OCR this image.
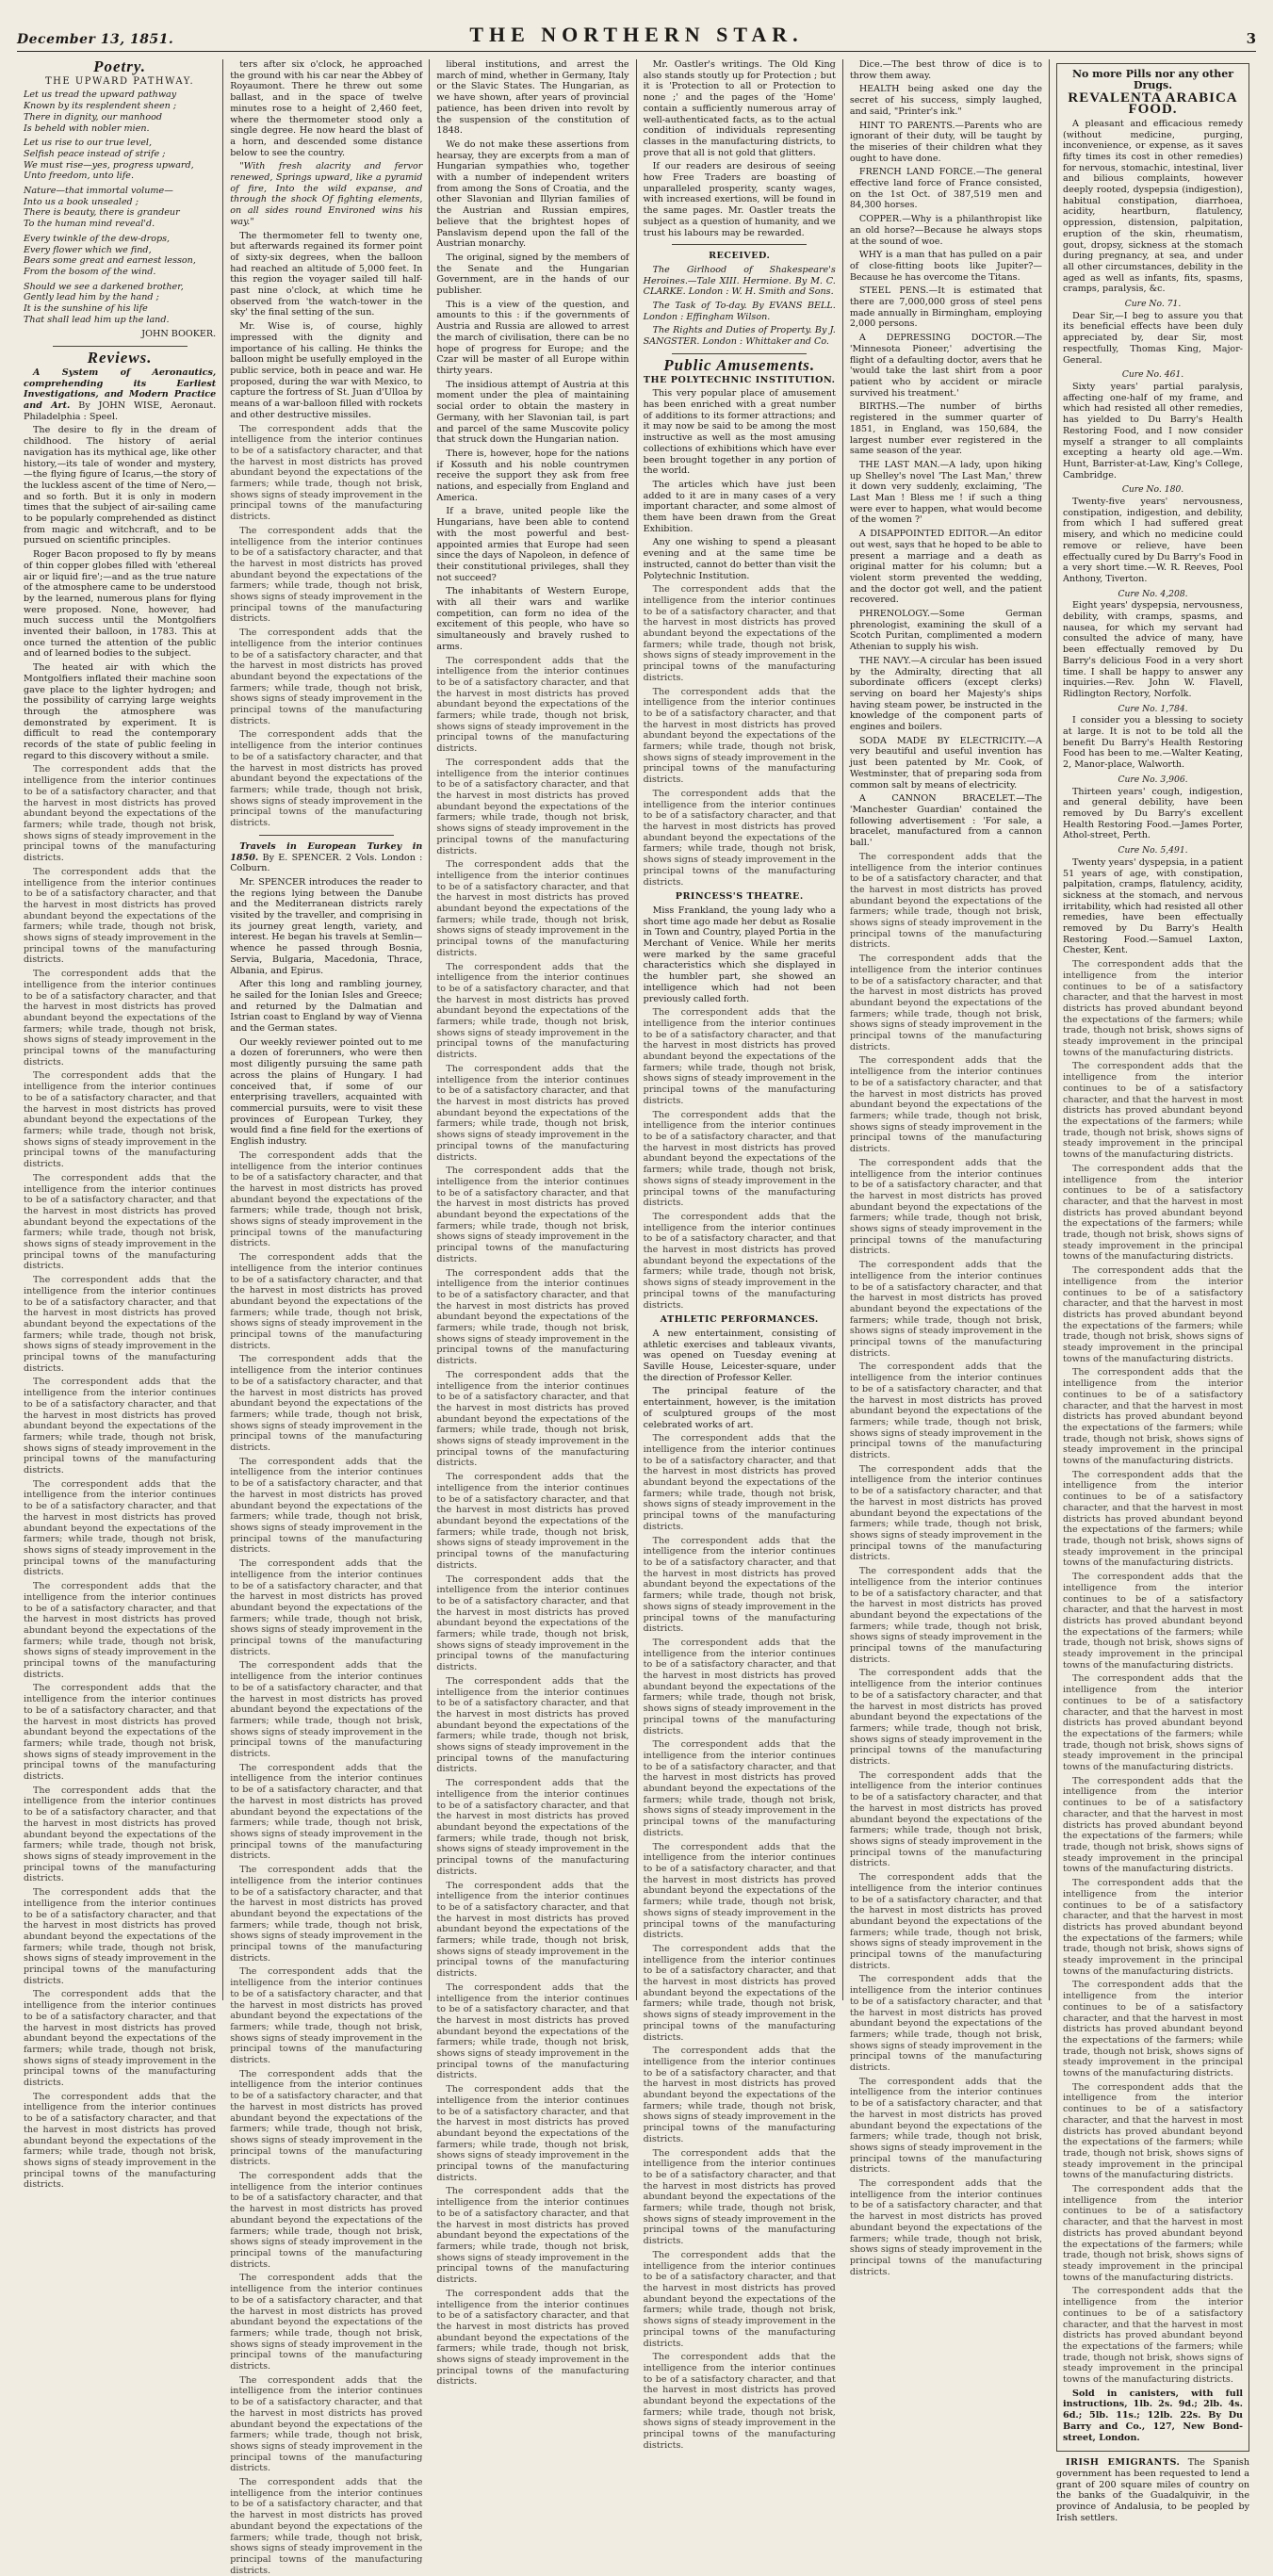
December 13, 1851.	THE NORTHERN STAR.	3
Poetry.
THE UPWARD PATHWAY.

Let us tread the upward pathway
Known by its resplendent sheen ;
There in dignity, our manhood
Is beheld with nobler mien.

Let us rise to our true level,
Selfish peace instead of strife ;
We must rise—yes, progress upward,
Unto freedom, unto life.

Nature—that immortal volume—
Into us a book unsealed ;
There is beauty, there is grandeur
To the human mind reveal'd.

Every twinkle of the dew-drops,
Every flower which we find,
Bears some great and earnest lesson,
From the bosom of the wind.

Should we see a darkened brother,
Gently lead him by the hand ;
It is the sunshine of his life
That shall lead him up the land.

JOHN BOOKER.
Reviews.

A System of Aeronautics, comprehending its Earliest Investigations, and Modern Practice and Art. By JOHN WISE, Aeronaut. Philadelphia : Speel.

The desire to fly in the dream of childhood. The history of aerial navigation has its mythical age, like other history,—its tale of wonder and mystery,—the flying figure of Icarus,—the story of the luckless ascent of the time of Nero,—and so forth. But it is only in modern times that the subject of air-sailing came to be popularly comprehended as distinct from magic and witchcraft, and to be pursued on scientific principles.

Roger Bacon proposed to fly by means of thin copper globes filled with 'ethereal air or liquid fire';—and as the true nature of the atmosphere came to be understood by the learned, numerous plans for flying were proposed. None, however, had much success until the Montgolfiers invented their balloon, in 1783. This at once turned the attention of the public and of learned bodies to the subject.

The heated air with which the Montgolfiers inflated their machine soon gave place to the lighter hydrogen; and the possibility of carrying large weights through the atmosphere was demonstrated by experiment. It is difficult to read the contemporary records of the state of public feeling in regard to this discovery without a smile.

The correspondent adds that the intelligence from the interior continues to be of a satisfactory character, and that the harvest in most districts has proved abundant beyond the expectations of the farmers; while trade, though not brisk, shows signs of steady improvement in the principal towns of the manufacturing districts.

The correspondent adds that the intelligence from the interior continues to be of a satisfactory character, and that the harvest in most districts has proved abundant beyond the expectations of the farmers; while trade, though not brisk, shows signs of steady improvement in the principal towns of the manufacturing districts.

The correspondent adds that the intelligence from the interior continues to be of a satisfactory character, and that the harvest in most districts has proved abundant beyond the expectations of the farmers; while trade, though not brisk, shows signs of steady improvement in the principal towns of the manufacturing districts.

The correspondent adds that the intelligence from the interior continues to be of a satisfactory character, and that the harvest in most districts has proved abundant beyond the expectations of the farmers; while trade, though not brisk, shows signs of steady improvement in the principal towns of the manufacturing districts.

The correspondent adds that the intelligence from the interior continues to be of a satisfactory character, and that the harvest in most districts has proved abundant beyond the expectations of the farmers; while trade, though not brisk, shows signs of steady improvement in the principal towns of the manufacturing districts.

The correspondent adds that the intelligence from the interior continues to be of a satisfactory character, and that the harvest in most districts has proved abundant beyond the expectations of the farmers; while trade, though not brisk, shows signs of steady improvement in the principal towns of the manufacturing districts.

The correspondent adds that the intelligence from the interior continues to be of a satisfactory character, and that the harvest in most districts has proved abundant beyond the expectations of the farmers; while trade, though not brisk, shows signs of steady improvement in the principal towns of the manufacturing districts.

The correspondent adds that the intelligence from the interior continues to be of a satisfactory character, and that the harvest in most districts has proved abundant beyond the expectations of the farmers; while trade, though not brisk, shows signs of steady improvement in the principal towns of the manufacturing districts.

The correspondent adds that the intelligence from the interior continues to be of a satisfactory character, and that the harvest in most districts has proved abundant beyond the expectations of the farmers; while trade, though not brisk, shows signs of steady improvement in the principal towns of the manufacturing districts.

The correspondent adds that the intelligence from the interior continues to be of a satisfactory character, and that the harvest in most districts has proved abundant beyond the expectations of the farmers; while trade, though not brisk, shows signs of steady improvement in the principal towns of the manufacturing districts.

The correspondent adds that the intelligence from the interior continues to be of a satisfactory character, and that the harvest in most districts has proved abundant beyond the expectations of the farmers; while trade, though not brisk, shows signs of steady improvement in the principal towns of the manufacturing districts.

The correspondent adds that the intelligence from the interior continues to be of a satisfactory character, and that the harvest in most districts has proved abundant beyond the expectations of the farmers; while trade, though not brisk, shows signs of steady improvement in the principal towns of the manufacturing districts.

The correspondent adds that the intelligence from the interior continues to be of a satisfactory character, and that the harvest in most districts has proved abundant beyond the expectations of the farmers; while trade, though not brisk, shows signs of steady improvement in the principal towns of the manufacturing districts.

The correspondent adds that the intelligence from the interior continues to be of a satisfactory character, and that the harvest in most districts has proved abundant beyond the expectations of the farmers; while trade, though not brisk, shows signs of steady improvement in the principal towns of the manufacturing districts.

ters after six o'clock, he approached the ground with his car near the Abbey of Royaumont. There he threw out some ballast, and in the space of twelve minutes rose to a height of 2,460 feet, where the thermometer stood only a single degree. He now heard the blast of a horn, and descended some distance below to see the country.

"With fresh alacrity and fervor renewed, Springs upward, like a pyramid of fire, Into the wild expanse, and through the shock Of fighting elements, on all sides round Environed wins his way."

The thermometer fell to twenty one, but afterwards regained its former point of sixty-six degrees, when the balloon had reached an altitude of 5,000 feet. In this region the voyager sailed till half-past nine o'clock, at which time he observed from 'the watch-tower in the sky' the final setting of the sun.

Mr. Wise is, of course, highly impressed with the dignity and importance of his calling. He thinks the balloon might be usefully employed in the public service, both in peace and war. He proposed, during the war with Mexico, to capture the fortress of St. Juan d'Ulloa by means of a war-balloon filled with rockets and other destructive missiles.

The correspondent adds that the intelligence from the interior continues to be of a satisfactory character, and that the harvest in most districts has proved abundant beyond the expectations of the farmers; while trade, though not brisk, shows signs of steady improvement in the principal towns of the manufacturing districts.

The correspondent adds that the intelligence from the interior continues to be of a satisfactory character, and that the harvest in most districts has proved abundant beyond the expectations of the farmers; while trade, though not brisk, shows signs of steady improvement in the principal towns of the manufacturing districts.

The correspondent adds that the intelligence from the interior continues to be of a satisfactory character, and that the harvest in most districts has proved abundant beyond the expectations of the farmers; while trade, though not brisk, shows signs of steady improvement in the principal towns of the manufacturing districts.

The correspondent adds that the intelligence from the interior continues to be of a satisfactory character, and that the harvest in most districts has proved abundant beyond the expectations of the farmers; while trade, though not brisk, shows signs of steady improvement in the principal towns of the manufacturing districts.

Travels in European Turkey in 1850. By E. SPENCER. 2 Vols. London : Colburn.

Mr. SPENCER introduces the reader to the regions lying between the Danube and the Mediterranean districts rarely visited by the traveller, and comprising in its journey great length, variety, and interest. He began his travels at Semlin—whence he passed through Bosnia, Servia, Bulgaria, Macedonia, Thrace, Albania, and Epirus.

After this long and rambling journey, he sailed for the Ionian Isles and Greece; and returned by the Dalmatian and Istrian coast to England by way of Vienna and the German states.

Our weekly reviewer pointed out to me a dozen of forerunners, who were then most diligently pursuing the same path across the plains of Hungary. I had conceived that, if some of our enterprising travellers, acquainted with commercial pursuits, were to visit these provinces of European Turkey, they would find a fine field for the exertions of English industry.

The correspondent adds that the intelligence from the interior continues to be of a satisfactory character, and that the harvest in most districts has proved abundant beyond the expectations of the farmers; while trade, though not brisk, shows signs of steady improvement in the principal towns of the manufacturing districts.

The correspondent adds that the intelligence from the interior continues to be of a satisfactory character, and that the harvest in most districts has proved abundant beyond the expectations of the farmers; while trade, though not brisk, shows signs of steady improvement in the principal towns of the manufacturing districts.

The correspondent adds that the intelligence from the interior continues to be of a satisfactory character, and that the harvest in most districts has proved abundant beyond the expectations of the farmers; while trade, though not brisk, shows signs of steady improvement in the principal towns of the manufacturing districts.

The correspondent adds that the intelligence from the interior continues to be of a satisfactory character, and that the harvest in most districts has proved abundant beyond the expectations of the farmers; while trade, though not brisk, shows signs of steady improvement in the principal towns of the manufacturing districts.

The correspondent adds that the intelligence from the interior continues to be of a satisfactory character, and that the harvest in most districts has proved abundant beyond the expectations of the farmers; while trade, though not brisk, shows signs of steady improvement in the principal towns of the manufacturing districts.

The correspondent adds that the intelligence from the interior continues to be of a satisfactory character, and that the harvest in most districts has proved abundant beyond the expectations of the farmers; while trade, though not brisk, shows signs of steady improvement in the principal towns of the manufacturing districts.

The correspondent adds that the intelligence from the interior continues to be of a satisfactory character, and that the harvest in most districts has proved abundant beyond the expectations of the farmers; while trade, though not brisk, shows signs of steady improvement in the principal towns of the manufacturing districts.

The correspondent adds that the intelligence from the interior continues to be of a satisfactory character, and that the harvest in most districts has proved abundant beyond the expectations of the farmers; while trade, though not brisk, shows signs of steady improvement in the principal towns of the manufacturing districts.

The correspondent adds that the intelligence from the interior continues to be of a satisfactory character, and that the harvest in most districts has proved abundant beyond the expectations of the farmers; while trade, though not brisk, shows signs of steady improvement in the principal towns of the manufacturing districts.

The correspondent adds that the intelligence from the interior continues to be of a satisfactory character, and that the harvest in most districts has proved abundant beyond the expectations of the farmers; while trade, though not brisk, shows signs of steady improvement in the principal towns of the manufacturing districts.

The correspondent adds that the intelligence from the interior continues to be of a satisfactory character, and that the harvest in most districts has proved abundant beyond the expectations of the farmers; while trade, though not brisk, shows signs of steady improvement in the principal towns of the manufacturing districts.

The correspondent adds that the intelligence from the interior continues to be of a satisfactory character, and that the harvest in most districts has proved abundant beyond the expectations of the farmers; while trade, though not brisk, shows signs of steady improvement in the principal towns of the manufacturing districts.

The correspondent adds that the intelligence from the interior continues to be of a satisfactory character, and that the harvest in most districts has proved abundant beyond the expectations of the farmers; while trade, though not brisk, shows signs of steady improvement in the principal towns of the manufacturing districts.

The correspondent adds that the intelligence from the interior continues to be of a satisfactory character, and that the harvest in most districts has proved abundant beyond the expectations of the farmers; while trade, though not brisk, shows signs of steady improvement in the principal towns of the manufacturing districts.

liberal institutions, and arrest the march of mind, whether in Germany, Italy or the Slavic States. The Hungarian, as we have shown, after years of provincial patience, has been driven into revolt by the suspension of the constitution of 1848.

We do not make these assertions from hearsay, they are excerpts from a man of Hungarian sympathies who, together with a number of independent writers from among the Sons of Croatia, and the other Slavonian and Illyrian families of the Austrian and Russian empires, believe that the brightest hopes of Panslavism depend upon the fall of the Austrian monarchy.

The original, signed by the members of the Senate and the Hungarian Government, are in the hands of our publisher.

This is a view of the question, and amounts to this : if the governments of Austria and Russia are allowed to arrest the march of civilisation, there can be no hope of progress for Europe; and the Czar will be master of all Europe within thirty years.

The insidious attempt of Austria at this moment under the plea of maintaining social order to obtain the mastery in Germany, with her Slavonian tail, is part and parcel of the same Muscovite policy that struck down the Hungarian nation.

There is, however, hope for the nations if Kossuth and his noble countrymen receive the support they ask from free nations, and especially from England and America.

If a brave, united people like the Hungarians, have been able to contend with the most powerful and best-appointed armies that Europe had seen since the days of Napoleon, in defence of their constitutional privileges, shall they not succeed?

The inhabitants of Western Europe, with all their wars and warlike competition, can form no idea of the excitement of this people, who have so simultaneously and bravely rushed to arms.

The correspondent adds that the intelligence from the interior continues to be of a satisfactory character, and that the harvest in most districts has proved abundant beyond the expectations of the farmers; while trade, though not brisk, shows signs of steady improvement in the principal towns of the manufacturing districts.

The correspondent adds that the intelligence from the interior continues to be of a satisfactory character, and that the harvest in most districts has proved abundant beyond the expectations of the farmers; while trade, though not brisk, shows signs of steady improvement in the principal towns of the manufacturing districts.

The correspondent adds that the intelligence from the interior continues to be of a satisfactory character, and that the harvest in most districts has proved abundant beyond the expectations of the farmers; while trade, though not brisk, shows signs of steady improvement in the principal towns of the manufacturing districts.

The correspondent adds that the intelligence from the interior continues to be of a satisfactory character, and that the harvest in most districts has proved abundant beyond the expectations of the farmers; while trade, though not brisk, shows signs of steady improvement in the principal towns of the manufacturing districts.

The correspondent adds that the intelligence from the interior continues to be of a satisfactory character, and that the harvest in most districts has proved abundant beyond the expectations of the farmers; while trade, though not brisk, shows signs of steady improvement in the principal towns of the manufacturing districts.

The correspondent adds that the intelligence from the interior continues to be of a satisfactory character, and that the harvest in most districts has proved abundant beyond the expectations of the farmers; while trade, though not brisk, shows signs of steady improvement in the principal towns of the manufacturing districts.

The correspondent adds that the intelligence from the interior continues to be of a satisfactory character, and that the harvest in most districts has proved abundant beyond the expectations of the farmers; while trade, though not brisk, shows signs of steady improvement in the principal towns of the manufacturing districts.

The correspondent adds that the intelligence from the interior continues to be of a satisfactory character, and that the harvest in most districts has proved abundant beyond the expectations of the farmers; while trade, though not brisk, shows signs of steady improvement in the principal towns of the manufacturing districts.

The correspondent adds that the intelligence from the interior continues to be of a satisfactory character, and that the harvest in most districts has proved abundant beyond the expectations of the farmers; while trade, though not brisk, shows signs of steady improvement in the principal towns of the manufacturing districts.

The correspondent adds that the intelligence from the interior continues to be of a satisfactory character, and that the harvest in most districts has proved abundant beyond the expectations of the farmers; while trade, though not brisk, shows signs of steady improvement in the principal towns of the manufacturing districts.

The correspondent adds that the intelligence from the interior continues to be of a satisfactory character, and that the harvest in most districts has proved abundant beyond the expectations of the farmers; while trade, though not brisk, shows signs of steady improvement in the principal towns of the manufacturing districts.

The correspondent adds that the intelligence from the interior continues to be of a satisfactory character, and that the harvest in most districts has proved abundant beyond the expectations of the farmers; while trade, though not brisk, shows signs of steady improvement in the principal towns of the manufacturing districts.

The correspondent adds that the intelligence from the interior continues to be of a satisfactory character, and that the harvest in most districts has proved abundant beyond the expectations of the farmers; while trade, though not brisk, shows signs of steady improvement in the principal towns of the manufacturing districts.

The correspondent adds that the intelligence from the interior continues to be of a satisfactory character, and that the harvest in most districts has proved abundant beyond the expectations of the farmers; while trade, though not brisk, shows signs of steady improvement in the principal towns of the manufacturing districts.

The correspondent adds that the intelligence from the interior continues to be of a satisfactory character, and that the harvest in most districts has proved abundant beyond the expectations of the farmers; while trade, though not brisk, shows signs of steady improvement in the principal towns of the manufacturing districts.

The correspondent adds that the intelligence from the interior continues to be of a satisfactory character, and that the harvest in most districts has proved abundant beyond the expectations of the farmers; while trade, though not brisk, shows signs of steady improvement in the principal towns of the manufacturing districts.

The correspondent adds that the intelligence from the interior continues to be of a satisfactory character, and that the harvest in most districts has proved abundant beyond the expectations of the farmers; while trade, though not brisk, shows signs of steady improvement in the principal towns of the manufacturing districts.

Mr. Oastler's writings. The Old King also stands stoutly up for Protection ; but it is 'Protection to all or Protection to none ;' and the pages of the 'Home' contain a sufficiently numerous array of well-authenticated facts, as to the actual condition of individuals representing classes in the manufacturing districts, to prove that all is not gold that glitters.

If our readers are desirous of seeing how Free Traders are boasting of unparalleled prosperity, scanty wages, with increased exertions, will be found in the same pages. Mr. Oastler treats the subject as a question of humanity, and we trust his labours may be rewarded.

RECEIVED.

The Girlhood of Shakespeare's Heroines.—Tale XIII. Hermione. By M. C. CLARKE. London : W. H. Smith and Sons.

The Task of To-day. By EVANS BELL. London : Effingham Wilson.

The Rights and Duties of Property. By J. SANGSTER. London : Whittaker and Co.

Public Amusements.
THE POLYTECHNIC INSTITUTION.

This very popular place of amusement has been enriched with a great number of additions to its former attractions; and it may now be said to be among the most instructive as well as the most amusing collections of exhibitions which have ever been brought together in any portion of the world.

The articles which have just been added to it are in many cases of a very important character, and some almost of them have been drawn from the Great Exhibition.

Any one wishing to spend a pleasant evening and at the same time be instructed, cannot do better than visit the Polytechnic Institution.

The correspondent adds that the intelligence from the interior continues to be of a satisfactory character, and that the harvest in most districts has proved abundant beyond the expectations of the farmers; while trade, though not brisk, shows signs of steady improvement in the principal towns of the manufacturing districts.

The correspondent adds that the intelligence from the interior continues to be of a satisfactory character, and that the harvest in most districts has proved abundant beyond the expectations of the farmers; while trade, though not brisk, shows signs of steady improvement in the principal towns of the manufacturing districts.

The correspondent adds that the intelligence from the interior continues to be of a satisfactory character, and that the harvest in most districts has proved abundant beyond the expectations of the farmers; while trade, though not brisk, shows signs of steady improvement in the principal towns of the manufacturing districts.

PRINCESS'S THEATRE.

Miss Frankland, the young lady who a short time ago made her debut as Rosalie in Town and Country, played Portia in the Merchant of Venice. While her merits were marked by the same graceful characteristics which she displayed in the humbler part, she showed an intelligence which had not been previously called forth.

The correspondent adds that the intelligence from the interior continues to be of a satisfactory character, and that the harvest in most districts has proved abundant beyond the expectations of the farmers; while trade, though not brisk, shows signs of steady improvement in the principal towns of the manufacturing districts.

The correspondent adds that the intelligence from the interior continues to be of a satisfactory character, and that the harvest in most districts has proved abundant beyond the expectations of the farmers; while trade, though not brisk, shows signs of steady improvement in the principal towns of the manufacturing districts.

The correspondent adds that the intelligence from the interior continues to be of a satisfactory character, and that the harvest in most districts has proved abundant beyond the expectations of the farmers; while trade, though not brisk, shows signs of steady improvement in the principal towns of the manufacturing districts.

ATHLETIC PERFORMANCES.

A new entertainment, consisting of athletic exercises and tableaux vivants, was opened on Tuesday evening at Saville House, Leicester-square, under the direction of Professor Keller.

The principal feature of the entertainment, however, is the imitation of sculptured groups of the most celebrated works of art.

The correspondent adds that the intelligence from the interior continues to be of a satisfactory character, and that the harvest in most districts has proved abundant beyond the expectations of the farmers; while trade, though not brisk, shows signs of steady improvement in the principal towns of the manufacturing districts.

The correspondent adds that the intelligence from the interior continues to be of a satisfactory character, and that the harvest in most districts has proved abundant beyond the expectations of the farmers; while trade, though not brisk, shows signs of steady improvement in the principal towns of the manufacturing districts.

The correspondent adds that the intelligence from the interior continues to be of a satisfactory character, and that the harvest in most districts has proved abundant beyond the expectations of the farmers; while trade, though not brisk, shows signs of steady improvement in the principal towns of the manufacturing districts.

The correspondent adds that the intelligence from the interior continues to be of a satisfactory character, and that the harvest in most districts has proved abundant beyond the expectations of the farmers; while trade, though not brisk, shows signs of steady improvement in the principal towns of the manufacturing districts.

The correspondent adds that the intelligence from the interior continues to be of a satisfactory character, and that the harvest in most districts has proved abundant beyond the expectations of the farmers; while trade, though not brisk, shows signs of steady improvement in the principal towns of the manufacturing districts.

The correspondent adds that the intelligence from the interior continues to be of a satisfactory character, and that the harvest in most districts has proved abundant beyond the expectations of the farmers; while trade, though not brisk, shows signs of steady improvement in the principal towns of the manufacturing districts.

The correspondent adds that the intelligence from the interior continues to be of a satisfactory character, and that the harvest in most districts has proved abundant beyond the expectations of the farmers; while trade, though not brisk, shows signs of steady improvement in the principal towns of the manufacturing districts.

The correspondent adds that the intelligence from the interior continues to be of a satisfactory character, and that the harvest in most districts has proved abundant beyond the expectations of the farmers; while trade, though not brisk, shows signs of steady improvement in the principal towns of the manufacturing districts.

The correspondent adds that the intelligence from the interior continues to be of a satisfactory character, and that the harvest in most districts has proved abundant beyond the expectations of the farmers; while trade, though not brisk, shows signs of steady improvement in the principal towns of the manufacturing districts.

The correspondent adds that the intelligence from the interior continues to be of a satisfactory character, and that the harvest in most districts has proved abundant beyond the expectations of the farmers; while trade, though not brisk, shows signs of steady improvement in the principal towns of the manufacturing districts.

Dice.—The best throw of dice is to throw them away.

HEALTH being asked one day the secret of his success, simply laughed, and said, "Printer's ink."

HINT TO PARENTS.—Parents who are ignorant of their duty, will be taught by the miseries of their children what they ought to have done.

FRENCH LAND FORCE.—The general effective land force of France consisted, on the 1st Oct. of 387,519 men and 84,300 horses.

COPPER.—Why is a philanthropist like an old horse?—Because he always stops at the sound of woe.

WHY is a man that has pulled on a pair of close-fitting boots like Jupiter?—Because he has overcome the Titans.

STEEL PENS.—It is estimated that there are 7,000,000 gross of steel pens made annually in Birmingham, employing 2,000 persons.

A DEPRESSING DOCTOR.—The 'Minnesota Pioneer,' advertising the flight of a defaulting doctor, avers that he 'would take the last shirt from a poor patient who by accident or miracle survived his treatment.'

BIRTHS.—The number of births registered in the summer quarter of 1851, in England, was 150,684, the largest number ever registered in the same season of the year.

THE LAST MAN.—A lady, upon hiking up Shelley's novel 'The Last Man,' threw it down very suddenly, exclaiming, 'The Last Man ! Bless me ! if such a thing were ever to happen, what would become of the women ?'

A DISAPPOINTED EDITOR.—An editor out west, says that he hoped to be able to present a marriage and a death as original matter for his column; but a violent storm prevented the wedding, and the doctor got well, and the patient recovered.

PHRENOLOGY.—Some German phrenologist, examining the skull of a Scotch Puritan, complimented a modern Athenian to supply his wish.

THE NAVY.—A circular has been issued by the Admiralty, directing that all subordinate officers (except clerks) serving on board her Majesty's ships having steam power, be instructed in the knowledge of the component parts of engines and boilers.

SODA MADE BY ELECTRICITY.—A very beautiful and useful invention has just been patented by Mr. Cook, of Westminster, that of preparing soda from common salt by means of electricity.

A CANNON BRACELET.—The 'Manchester Guardian' contained the following advertisement : 'For sale, a bracelet, manufactured from a cannon ball.'

The correspondent adds that the intelligence from the interior continues to be of a satisfactory character, and that the harvest in most districts has proved abundant beyond the expectations of the farmers; while trade, though not brisk, shows signs of steady improvement in the principal towns of the manufacturing districts.

The correspondent adds that the intelligence from the interior continues to be of a satisfactory character, and that the harvest in most districts has proved abundant beyond the expectations of the farmers; while trade, though not brisk, shows signs of steady improvement in the principal towns of the manufacturing districts.

The correspondent adds that the intelligence from the interior continues to be of a satisfactory character, and that the harvest in most districts has proved abundant beyond the expectations of the farmers; while trade, though not brisk, shows signs of steady improvement in the principal towns of the manufacturing districts.

The correspondent adds that the intelligence from the interior continues to be of a satisfactory character, and that the harvest in most districts has proved abundant beyond the expectations of the farmers; while trade, though not brisk, shows signs of steady improvement in the principal towns of the manufacturing districts.

The correspondent adds that the intelligence from the interior continues to be of a satisfactory character, and that the harvest in most districts has proved abundant beyond the expectations of the farmers; while trade, though not brisk, shows signs of steady improvement in the principal towns of the manufacturing districts.

The correspondent adds that the intelligence from the interior continues to be of a satisfactory character, and that the harvest in most districts has proved abundant beyond the expectations of the farmers; while trade, though not brisk, shows signs of steady improvement in the principal towns of the manufacturing districts.

The correspondent adds that the intelligence from the interior continues to be of a satisfactory character, and that the harvest in most districts has proved abundant beyond the expectations of the farmers; while trade, though not brisk, shows signs of steady improvement in the principal towns of the manufacturing districts.

The correspondent adds that the intelligence from the interior continues to be of a satisfactory character, and that the harvest in most districts has proved abundant beyond the expectations of the farmers; while trade, though not brisk, shows signs of steady improvement in the principal towns of the manufacturing districts.

The correspondent adds that the intelligence from the interior continues to be of a satisfactory character, and that the harvest in most districts has proved abundant beyond the expectations of the farmers; while trade, though not brisk, shows signs of steady improvement in the principal towns of the manufacturing districts.

The correspondent adds that the intelligence from the interior continues to be of a satisfactory character, and that the harvest in most districts has proved abundant beyond the expectations of the farmers; while trade, though not brisk, shows signs of steady improvement in the principal towns of the manufacturing districts.

The correspondent adds that the intelligence from the interior continues to be of a satisfactory character, and that the harvest in most districts has proved abundant beyond the expectations of the farmers; while trade, though not brisk, shows signs of steady improvement in the principal towns of the manufacturing districts.

The correspondent adds that the intelligence from the interior continues to be of a satisfactory character, and that the harvest in most districts has proved abundant beyond the expectations of the farmers; while trade, though not brisk, shows signs of steady improvement in the principal towns of the manufacturing districts.

The correspondent adds that the intelligence from the interior continues to be of a satisfactory character, and that the harvest in most districts has proved abundant beyond the expectations of the farmers; while trade, though not brisk, shows signs of steady improvement in the principal towns of the manufacturing districts.

The correspondent adds that the intelligence from the interior continues to be of a satisfactory character, and that the harvest in most districts has proved abundant beyond the expectations of the farmers; while trade, though not brisk, shows signs of steady improvement in the principal towns of the manufacturing districts.

No more Pills nor any other Drugs.
REVALENTA ARABICA FOOD.

A pleasant and efficacious remedy (without medicine, purging, inconvenience, or expense, as it saves fifty times its cost in other remedies) for nervous, stomachic, intestinal, liver and bilious complaints, however deeply rooted, dyspepsia (indigestion), habitual constipation, diarrhoea, acidity, heartburn, flatulency, oppression, distension, palpitation, eruption of the skin, rheumatism, gout, dropsy, sickness at the stomach during pregnancy, at sea, and under all other circumstances, debility in the aged as well as infants, fits, spasms, cramps, paralysis, &c.

Cure No. 71.

Dear Sir,—I beg to assure you that its beneficial effects have been duly appreciated by, dear Sir, most respectfully, Thomas King, Major-General.

Cure No. 461.

Sixty years' partial paralysis, affecting one-half of my frame, and which had resisted all other remedies, has yielded to Du Barry's Health Restoring Food, and I now consider myself a stranger to all complaints excepting a hearty old age.—Wm. Hunt, Barrister-at-Law, King's College, Cambridge.

Cure No. 180.

Twenty-five years' nervousness, constipation, indigestion, and debility, from which I had suffered great misery, and which no medicine could remove or relieve, have been effectually cured by Du Barry's Food in a very short time.—W. R. Reeves, Pool Anthony, Tiverton.

Cure No. 4,208.

Eight years' dyspepsia, nervousness, debility, with cramps, spasms, and nausea, for which my servant had consulted the advice of many, have been effectually removed by Du Barry's delicious Food in a very short time. I shall be happy to answer any inquiries.—Rev. John W. Flavell, Ridlington Rectory, Norfolk.

Cure No. 1,784.

I consider you a blessing to society at large. It is not to be told all the benefit Du Barry's Health Restoring Food has been to me.—Walter Keating, 2, Manor-place, Walworth.

Cure No. 3,906.

Thirteen years' cough, indigestion, and general debility, have been removed by Du Barry's excellent Health Restoring Food.—James Porter, Athol-street, Perth.

Cure No. 5,491.

Twenty years' dyspepsia, in a patient 51 years of age, with constipation, palpitation, cramps, flatulency, acidity, sickness at the stomach, and nervous irritability, which had resisted all other remedies, have been effectually removed by Du Barry's Health Restoring Food.—Samuel Laxton, Chester, Kent.

The correspondent adds that the intelligence from the interior continues to be of a satisfactory character, and that the harvest in most districts has proved abundant beyond the expectations of the farmers; while trade, though not brisk, shows signs of steady improvement in the principal towns of the manufacturing districts.

The correspondent adds that the intelligence from the interior continues to be of a satisfactory character, and that the harvest in most districts has proved abundant beyond the expectations of the farmers; while trade, though not brisk, shows signs of steady improvement in the principal towns of the manufacturing districts.

The correspondent adds that the intelligence from the interior continues to be of a satisfactory character, and that the harvest in most districts has proved abundant beyond the expectations of the farmers; while trade, though not brisk, shows signs of steady improvement in the principal towns of the manufacturing districts.

The correspondent adds that the intelligence from the interior continues to be of a satisfactory character, and that the harvest in most districts has proved abundant beyond the expectations of the farmers; while trade, though not brisk, shows signs of steady improvement in the principal towns of the manufacturing districts.

The correspondent adds that the intelligence from the interior continues to be of a satisfactory character, and that the harvest in most districts has proved abundant beyond the expectations of the farmers; while trade, though not brisk, shows signs of steady improvement in the principal towns of the manufacturing districts.

The correspondent adds that the intelligence from the interior continues to be of a satisfactory character, and that the harvest in most districts has proved abundant beyond the expectations of the farmers; while trade, though not brisk, shows signs of steady improvement in the principal towns of the manufacturing districts.

The correspondent adds that the intelligence from the interior continues to be of a satisfactory character, and that the harvest in most districts has proved abundant beyond the expectations of the farmers; while trade, though not brisk, shows signs of steady improvement in the principal towns of the manufacturing districts.

The correspondent adds that the intelligence from the interior continues to be of a satisfactory character, and that the harvest in most districts has proved abundant beyond the expectations of the farmers; while trade, though not brisk, shows signs of steady improvement in the principal towns of the manufacturing districts.

The correspondent adds that the intelligence from the interior continues to be of a satisfactory character, and that the harvest in most districts has proved abundant beyond the expectations of the farmers; while trade, though not brisk, shows signs of steady improvement in the principal towns of the manufacturing districts.

The correspondent adds that the intelligence from the interior continues to be of a satisfactory character, and that the harvest in most districts has proved abundant beyond the expectations of the farmers; while trade, though not brisk, shows signs of steady improvement in the principal towns of the manufacturing districts.

The correspondent adds that the intelligence from the interior continues to be of a satisfactory character, and that the harvest in most districts has proved abundant beyond the expectations of the farmers; while trade, though not brisk, shows signs of steady improvement in the principal towns of the manufacturing districts.

The correspondent adds that the intelligence from the interior continues to be of a satisfactory character, and that the harvest in most districts has proved abundant beyond the expectations of the farmers; while trade, though not brisk, shows signs of steady improvement in the principal towns of the manufacturing districts.

The correspondent adds that the intelligence from the interior continues to be of a satisfactory character, and that the harvest in most districts has proved abundant beyond the expectations of the farmers; while trade, though not brisk, shows signs of steady improvement in the principal towns of the manufacturing districts.

The correspondent adds that the intelligence from the interior continues to be of a satisfactory character, and that the harvest in most districts has proved abundant beyond the expectations of the farmers; while trade, though not brisk, shows signs of steady improvement in the principal towns of the manufacturing districts.

Sold in canisters, with full instructions, 1lb. 2s. 9d.; 2lb. 4s. 6d.; 5lb. 11s.; 12lb. 22s. By Du Barry and Co., 127, New Bond-street, London.

IRISH EMIGRANTS. The Spanish government has been requested to lend a grant of 200 square miles of country on the banks of the Guadalquivir, in the province of Andalusia, to be peopled by Irish settlers.
